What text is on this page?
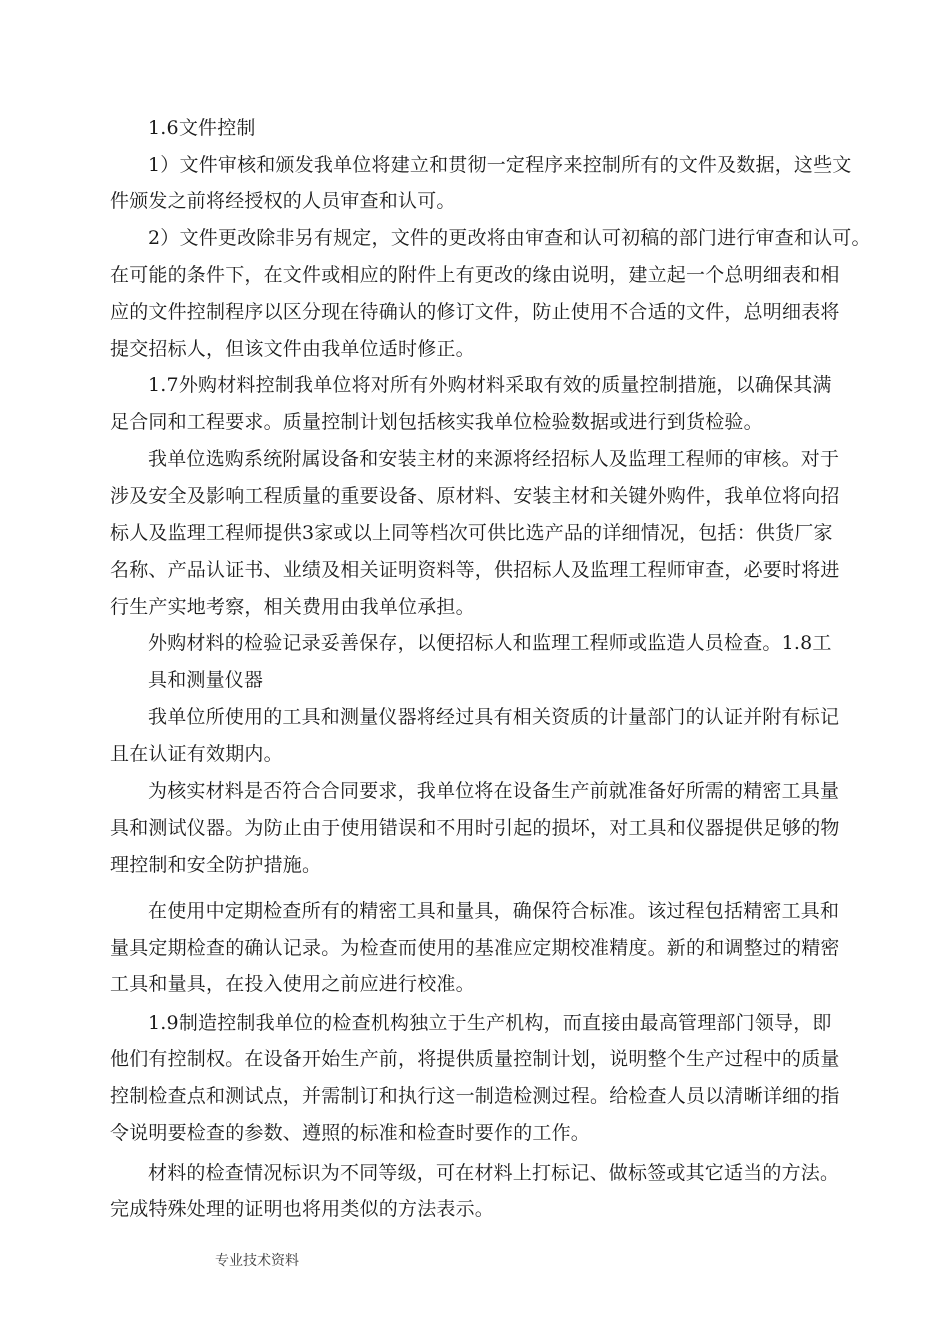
1.6文件控制
1）文件审核和颁发我单位将建立和贯彻一定程序来控制所有的文件及数据，这些文
件颁发之前将经授权的人员审查和认可。
2）文件更改除非另有规定，文件的更改将由审查和认可初稿的部门进行审查和认可。
在可能的条件下，在文件或相应的附件上有更改的缘由说明，建立起一个总明细表和相
应的文件控制程序以区分现在待确认的修订文件，防止使用不合适的文件，总明细表将
提交招标人，但该文件由我单位适时修正。
1.7外购材料控制我单位将对所有外购材料采取有效的质量控制措施，以确保其满
足合同和工程要求。质量控制计划包括核实我单位检验数据或进行到货检验。
我单位选购系统附属设备和安装主材的来源将经招标人及监理工程师的审核。对于
涉及安全及影响工程质量的重要设备、原材料、安装主材和关键外购件，我单位将向招
标人及监理工程师提供3家或以上同等档次可供比选产品的详细情况，包括：供货厂家
名称、产品认证书、业绩及相关证明资料等，供招标人及监理工程师审查，必要时将进
行生产实地考察，相关费用由我单位承担。
外购材料的检验记录妥善保存，以便招标人和监理工程师或监造人员检查。1.8工
具和测量仪器
我单位所使用的工具和测量仪器将经过具有相关资质的计量部门的认证并附有标记
且在认证有效期内。
为核实材料是否符合合同要求，我单位将在设备生产前就准备好所需的精密工具量
具和测试仪器。为防止由于使用错误和不用时引起的损坏，对工具和仪器提供足够的物
理控制和安全防护措施。
在使用中定期检查所有的精密工具和量具，确保符合标准。该过程包括精密工具和
量具定期检查的确认记录。为检查而使用的基准应定期校准精度。新的和调整过的精密
工具和量具，在投入使用之前应进行校准。
1.9制造控制我单位的检查机构独立于生产机构，而直接由最高管理部门领导，即
他们有控制权。在设备开始生产前，将提供质量控制计划，说明整个生产过程中的质量
控制检查点和测试点，并需制订和执行这一制造检测过程。给检查人员以清晰详细的指
令说明要检查的参数、遵照的标准和检查时要作的工作。
材料的检查情况标识为不同等级，可在材料上打标记、做标签或其它适当的方法。
完成特殊处理的证明也将用类似的方法表示。
专业技术资料
